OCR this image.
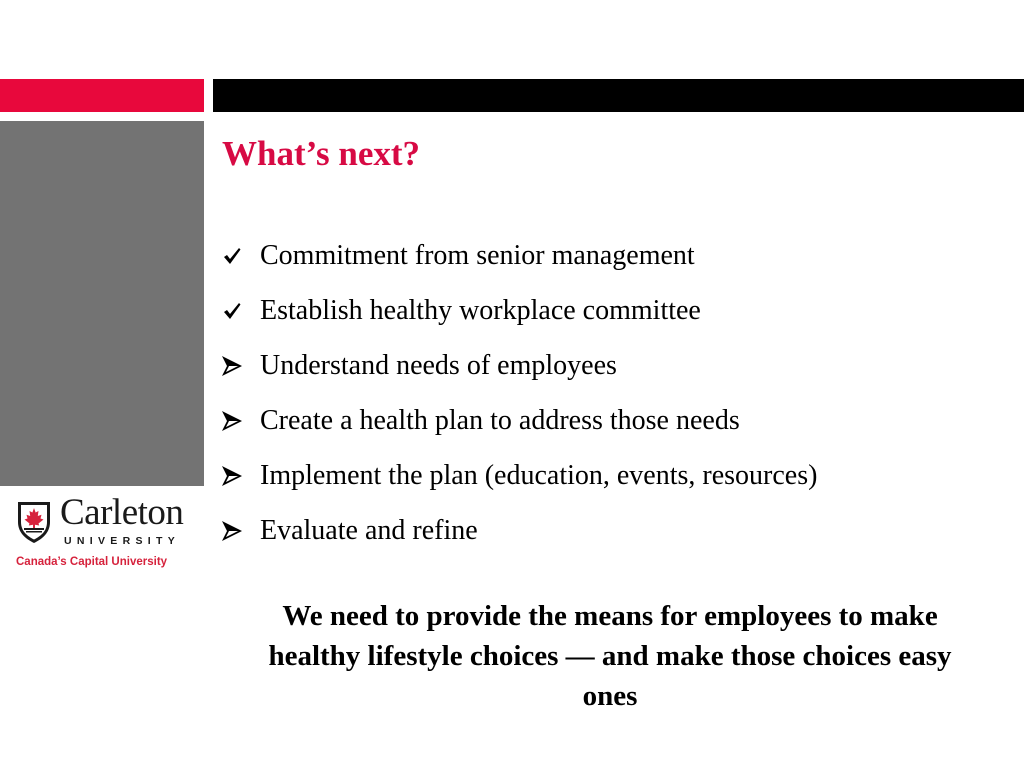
Carleton
UNIVERSITY
Canada’s Capital University
What’s next?
Commitment from senior management
Establish healthy workplace committee
Understand needs of employees
Create a health plan to address those needs
Implement the plan (education, events, resources)
Evaluate and refine

We need to provide the means for employees to make healthy lifestyle choices — and make those choices easy ones
